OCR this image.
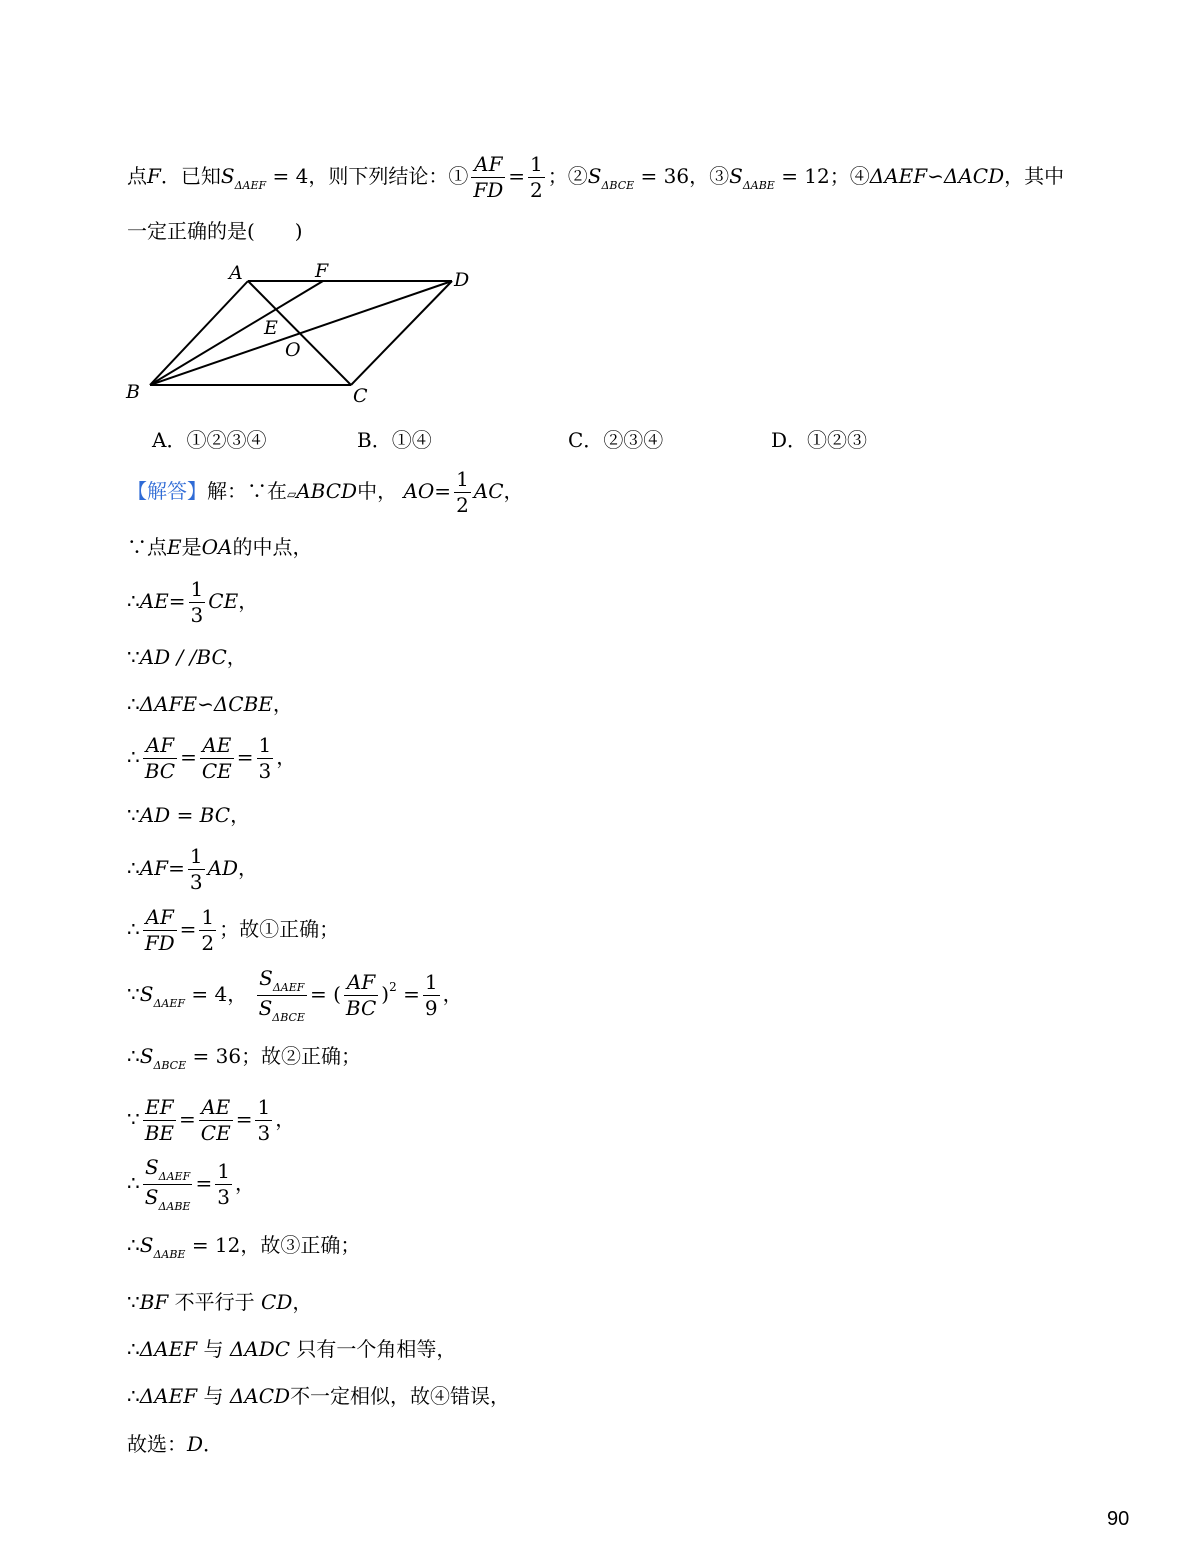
点F．已知$S_{\Delta AEF} = 4$，则下列结论：① $\frac{AF}{FD} = \frac{1}{2}$ ；$②S_{\Delta BCE} = 36$，$③S_{\Delta ABE} = 12$；④ΔAEF∽ΔACD，其中
一定正确的是(　　)
A	F	D
E
O
B	C
A．①②③④	B．①④	C．②③④	D．①②③
【解答】解：∵在▱ABCD中， $AO= \frac{1}{2}$ AC，
∵点E是OA的中点，
∴AE= $\frac{1}{3}$ CE，
∵AD / /BC，
∴ΔAFE∽ΔCBE，
∴ $\frac{AF}{BC} = \frac{AE}{CE} = \frac{1}{3}$ ，
∵AD = BC，
∴AF= $\frac{1}{3}$ AD，
∴ $\frac{AF}{FD} = \frac{1}{2}$ ；故①正确；
$\because S_{\Delta AEF} = 4$， $\frac{S_{\Delta AEF}}{S_{\Delta BCE}}$ = ( $\frac{AF}{BC} )^2 = \frac{1}{9}$ ，
$\therefore S_{\Delta BCE} = 36$；故②正确；
∵ $\frac{EF}{BE} = \frac{AE}{CE} = \frac{1}{3}$ ，
∴ $\frac{S_{\Delta AEF}}{S_{\Delta ABE}} = \frac{1}{3}$ ，
$\therefore S_{\Delta ABE} = 12$，故③正确；
∵BF 不平行于 CD，
∴ΔAEF 与 ΔADC 只有一个角相等，
∴ΔAEF 与 ΔACD不一定相似，故④错误，
故选：D．
90
